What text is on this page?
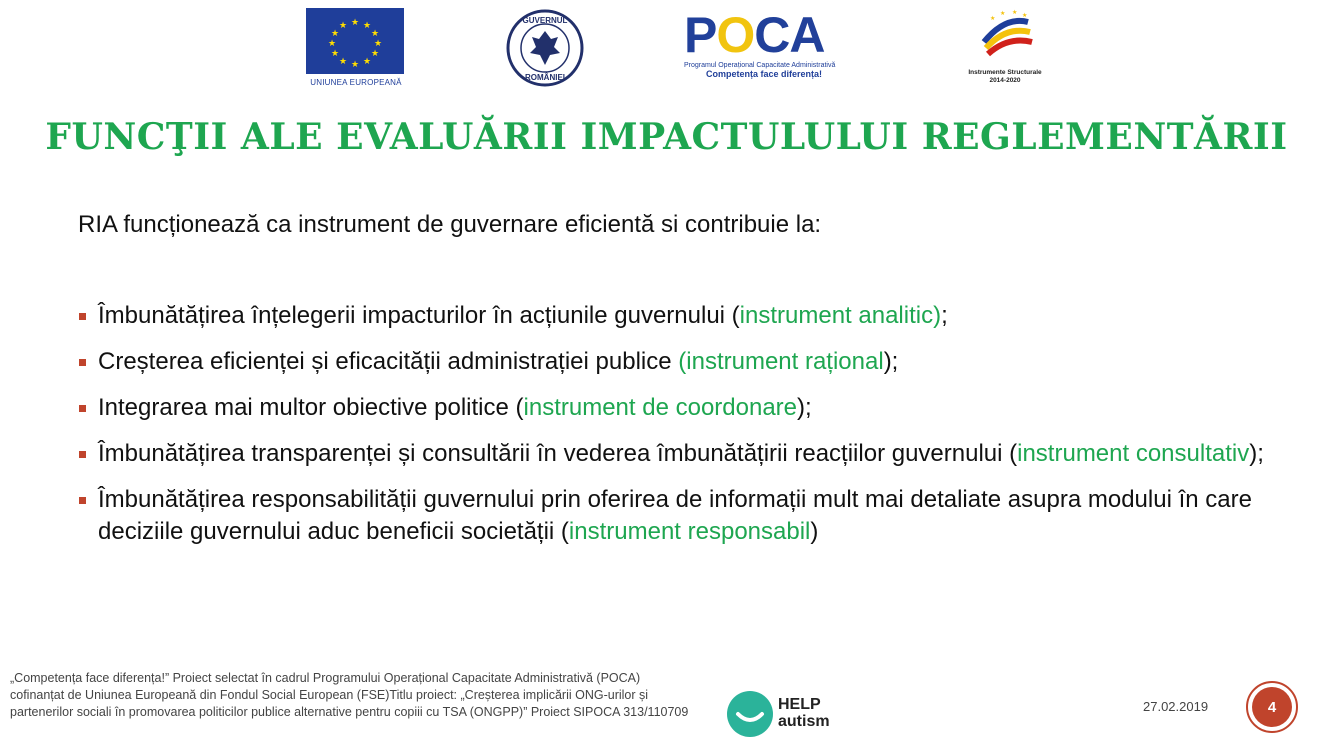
★ ★
★
★
★
★
★
★
★
★
★
★
UNIUNEA EUROPEANĂ
GUVERNUL
ROMÂNIEI
POCA
Programul Operațional Capacitate Administrativă
Competența face diferența!
★
★ ★ ★
Instrumente Structurale
2014-2020
FUNCŢII ALE EVALUĂRII IMPACTULULUI REGLEMENTĂRII

RIA funcționează ca instrument de guvernare eficientă si contribuie la:

Îmbunătățirea înțelegerii impacturilor în acțiunile guvernului (instrument analitic);
Creșterea eficienței și eficacității administrației publice (instrument rațional);
Integrarea mai multor obiective politice (instrument de coordonare);
Îmbunătățirea transparenței și consultării în vederea îmbunătățirii reacțiilor guvernului (instrument consultativ);
Îmbunătățirea responsabilității guvernului prin oferirea de informații mult mai detaliate asupra modului în care deciziile guvernului aduc beneficii societății (instrument responsabil)

„Competența face diferența!” Proiect selectat în cadrul Programului Operațional Capacitate Administrativă (POCA) cofinanțat de Uniunea Europeană din Fondul Social European (FSE)Titlu proiect: „Creșterea implicării ONG-urilor și partenerilor sociali în promovarea politicilor publice alternative pentru copiii cu TSA (ONGPP)” Proiect SIPOCA 313/110709	HELP
autism
27.02.2019	4
